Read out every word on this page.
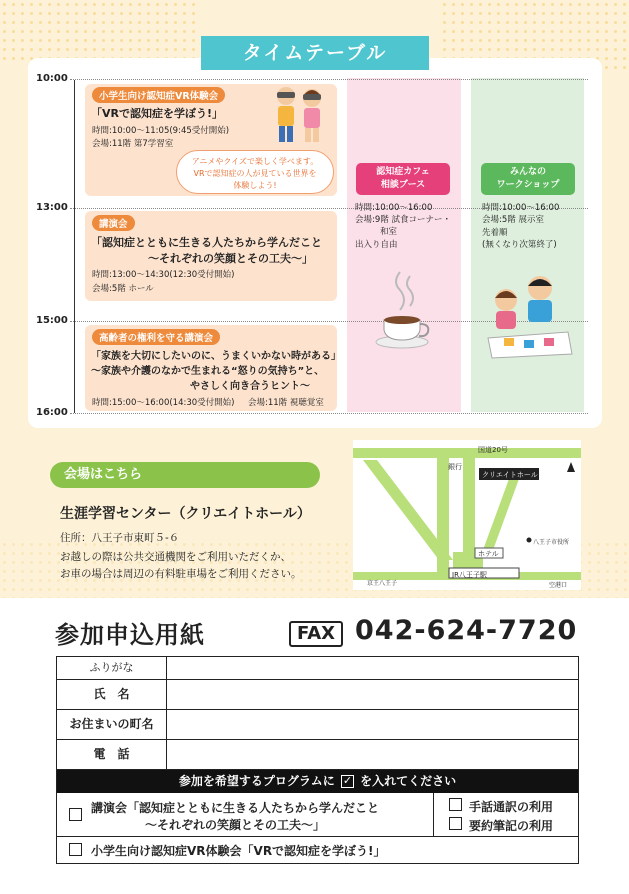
タイムテーブル
10:00
13:00
15:00
16:00
小学生向け認知症VR体験会
「VRで認知症を学ぼう!」
時間:10:00～11:05(9:45受付開始)
会場:11階 第7学習室
アニメやクイズで楽しく学べます。
VRで認知症の人が見ている世界を
体験しよう!
講演会
「認知症とともに生きる人たちから学んだこと
～それぞれの笑顔とその工夫～」
時間:13:00～14:30(12:30受付開始)
会場:5階 ホール
高齢者の権利を守る講演会
「家族を大切にしたいのに、うまくいかない時がある」
～家族や介護のなかで生まれる“怒りの気持ち”と、
やさしく向き合うヒント～
時間:15:00～16:00(14:30受付開始) 会場:11階 視聴覚室
認知症カフェ
相談ブース
時間:10:00～16:00
会場:9階 試食コーナー・
和室
出入り自由
みんなの
ワークショップ
時間:10:00～16:00
会場:5階 展示室
先着順
(無くなり次第終了)
会場はこちら
生涯学習センター（クリエイトホール）
住所：八王子市東町５-６
お越しの際は公共交通機関をご利用いただくか、
お車の場合は周辺の有料駐車場をご利用ください。
国道20号
銀行
クリエイトホール
ホテル
JR八王子駅
京王八王子
八王子市役所
空港口
参加申込用紙	FAX 042-624-7720
ふりがな
氏　名
お住まいの町名
電　話
参加を希望するプログラムに ✓ を入れてください
講演会「認知症とともに生きる人たちから学んだこと
～それぞれの笑顔とその工夫～」
手話通訳の利用
要約筆記の利用
小学生向け認知症VR体験会「VRで認知症を学ぼう!」
